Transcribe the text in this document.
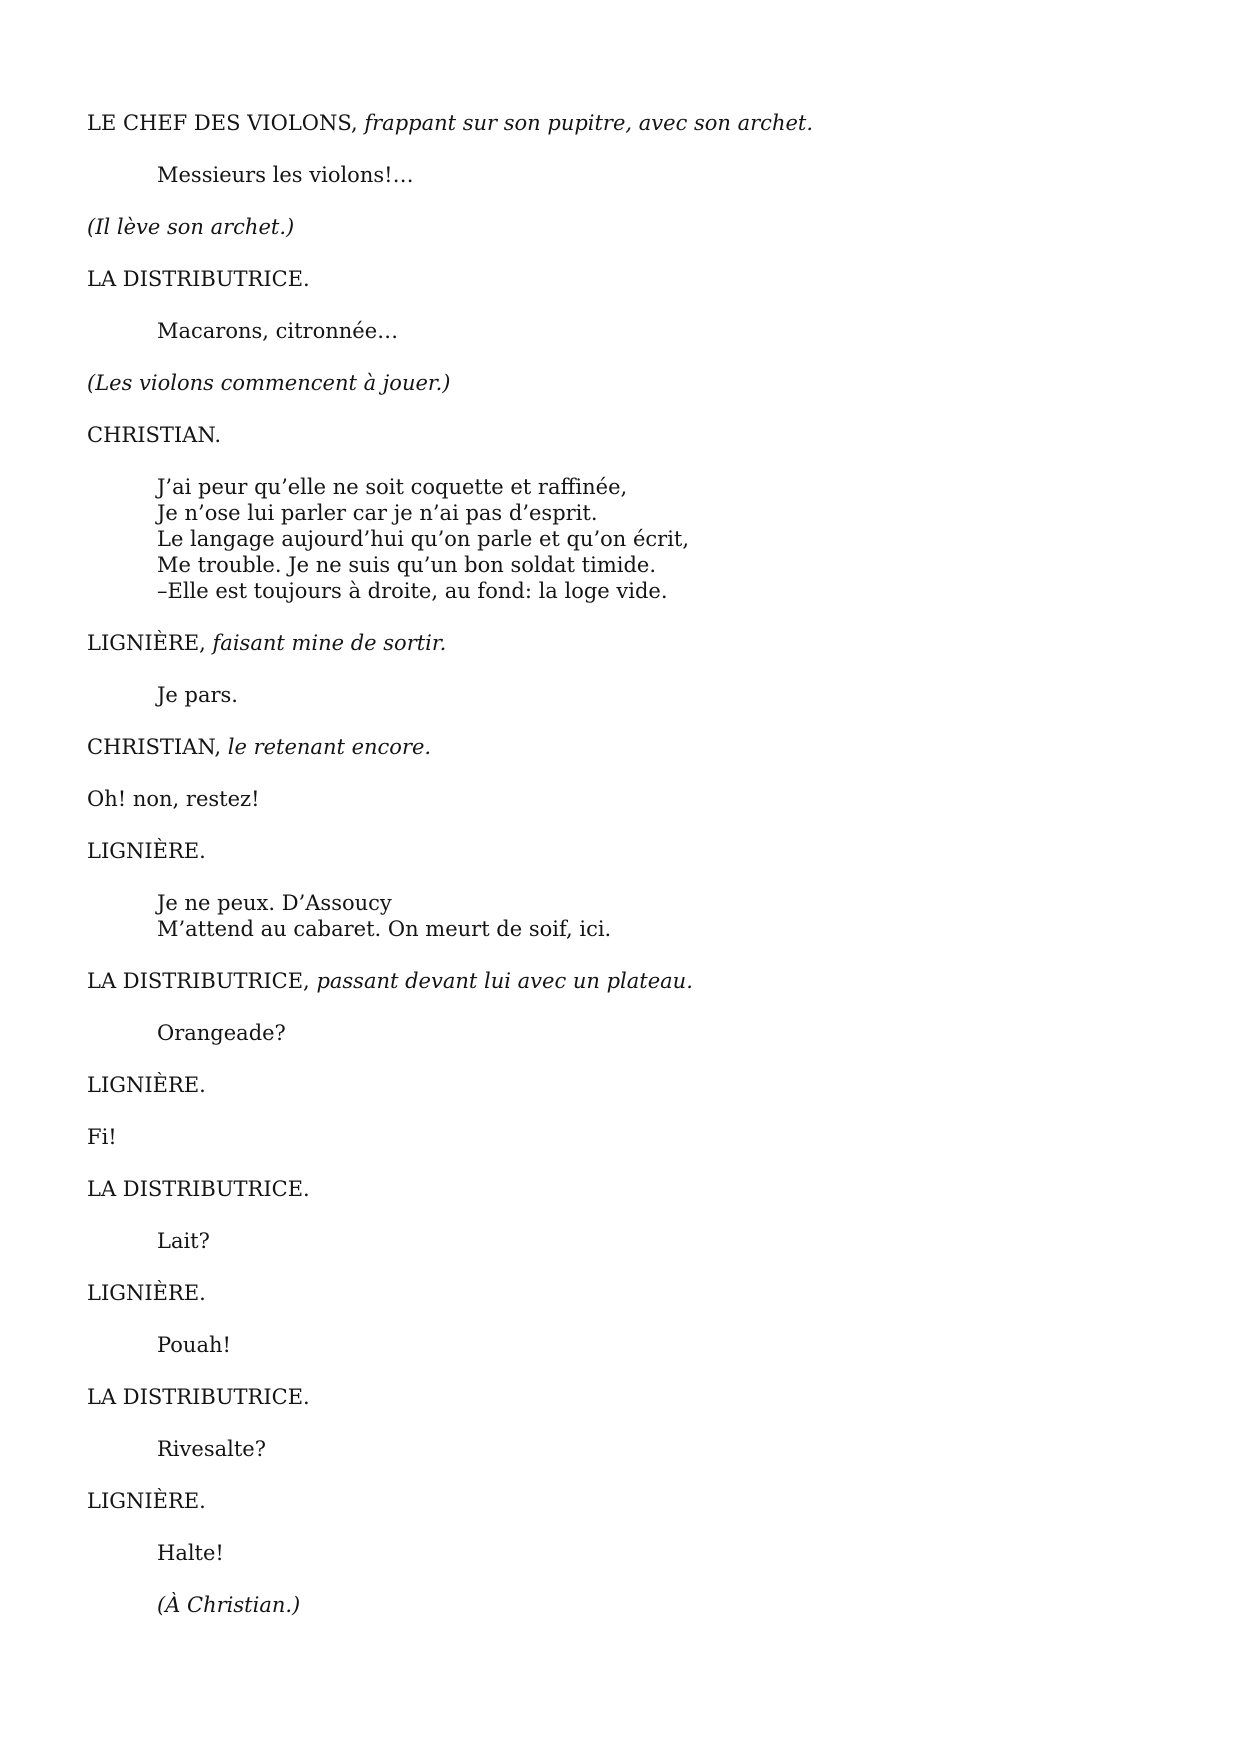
LE CHEF DES VIOLONS, frappant sur son pupitre, avec son archet.
Messieurs les violons!…
(Il lève son archet.)
LA DISTRIBUTRICE.
Macarons, citronnée…
(Les violons commencent à jouer.)
CHRISTIAN.
J’ai peur qu’elle ne soit coquette et raffinée,
Je n’ose lui parler car je n’ai pas d’esprit.
Le langage aujourd’hui qu’on parle et qu’on écrit,
Me trouble. Je ne suis qu’un bon soldat timide.
–Elle est toujours à droite, au fond: la loge vide.
LIGNIÈRE, faisant mine de sortir.
Je pars.
CHRISTIAN, le retenant encore.
Oh! non, restez!
LIGNIÈRE.
Je ne peux. D’Assoucy
M’attend au cabaret. On meurt de soif, ici.
LA DISTRIBUTRICE, passant devant lui avec un plateau.
Orangeade?
LIGNIÈRE.
Fi!
LA DISTRIBUTRICE.
Lait?
LIGNIÈRE.
Pouah!
LA DISTRIBUTRICE.
Rivesalte?
LIGNIÈRE.
Halte!
(À Christian.)
